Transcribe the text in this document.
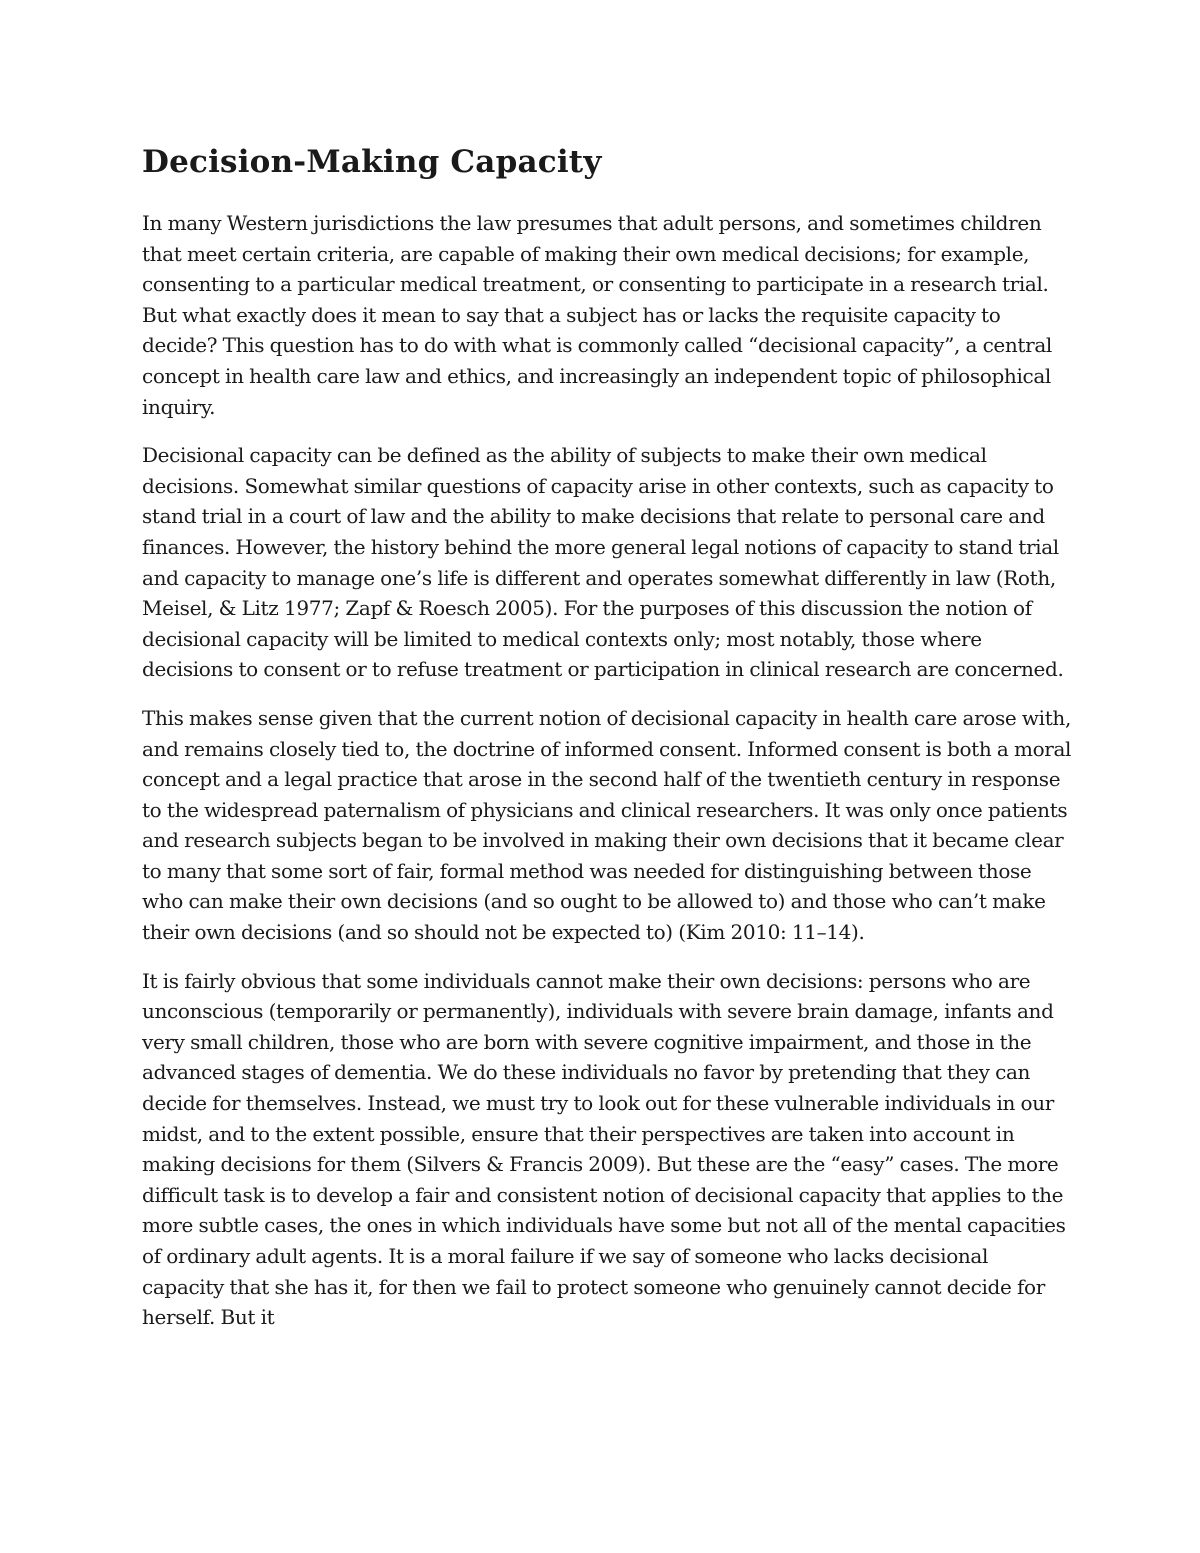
Decision-Making Capacity

In many Western jurisdictions the law presumes that adult persons, and sometimes children that meet certain criteria, are capable of making their own medical decisions; for example, consenting to a particular medical treatment, or consenting to participate in a research trial. But what exactly does it mean to say that a subject has or lacks the requisite capacity to decide? This question has to do with what is commonly called “decisional capacity”, a central concept in health care law and ethics, and increasingly an independent topic of philosophical inquiry.

Decisional capacity can be defined as the ability of subjects to make their own medical decisions. Somewhat similar questions of capacity arise in other contexts, such as capacity to stand trial in a court of law and the ability to make decisions that relate to personal care and finances. However, the history behind the more general legal notions of capacity to stand trial and capacity to manage one’s life is different and operates somewhat differently in law (Roth, Meisel, & Litz 1977; Zapf & Roesch 2005). For the purposes of this discussion the notion of decisional capacity will be limited to medical contexts only; most notably, those where decisions to consent or to refuse treatment or participation in clinical research are concerned.

This makes sense given that the current notion of decisional capacity in health care arose with, and remains closely tied to, the doctrine of informed consent. Informed consent is both a moral concept and a legal practice that arose in the second half of the twentieth century in response to the widespread paternalism of physicians and clinical researchers. It was only once patients and research subjects began to be involved in making their own decisions that it became clear to many that some sort of fair, formal method was needed for distinguishing between those who can make their own decisions (and so ought to be allowed to) and those who can’t make their own decisions (and so should not be expected to) (Kim 2010: 11–14).

It is fairly obvious that some individuals cannot make their own decisions: persons who are unconscious (temporarily or permanently), individuals with severe brain damage, infants and very small children, those who are born with severe cognitive impairment, and those in the advanced stages of dementia. We do these individuals no favor by pretending that they can decide for themselves. Instead, we must try to look out for these vulnerable individuals in our midst, and to the extent possible, ensure that their perspectives are taken into account in making decisions for them (Silvers & Francis 2009). But these are the “easy” cases. The more difficult task is to develop a fair and consistent notion of decisional capacity that applies to the more subtle cases, the ones in which individuals have some but not all of the mental capacities of ordinary adult agents. It is a moral failure if we say of someone who lacks decisional capacity that she has it, for then we fail to protect someone who genuinely cannot decide for herself. But it
